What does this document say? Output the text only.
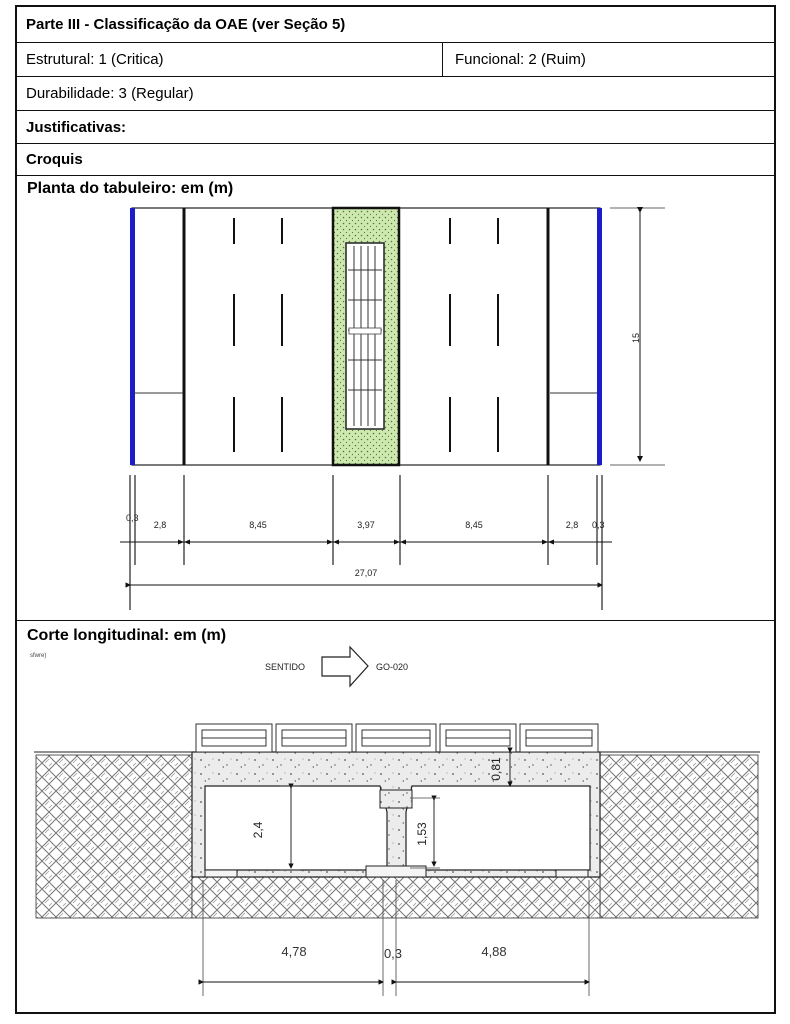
Parte III - Classificação da OAE (ver Seção 5)
Estrutural: 1 (Critica)	Funcional: 2 (Ruim)
Durabilidade: 3 (Regular)
Justificativas:
Croquis
Planta do tabuleiro: em (m)
Corte longitudinal: em (m)
15
0,3
2,8	8,45	3,97	8,45	2,8 0,3
27,07
sfwre)
SENTIDO	GO-020
2,4	1,53
0,81
4,78	0,3	4,88
